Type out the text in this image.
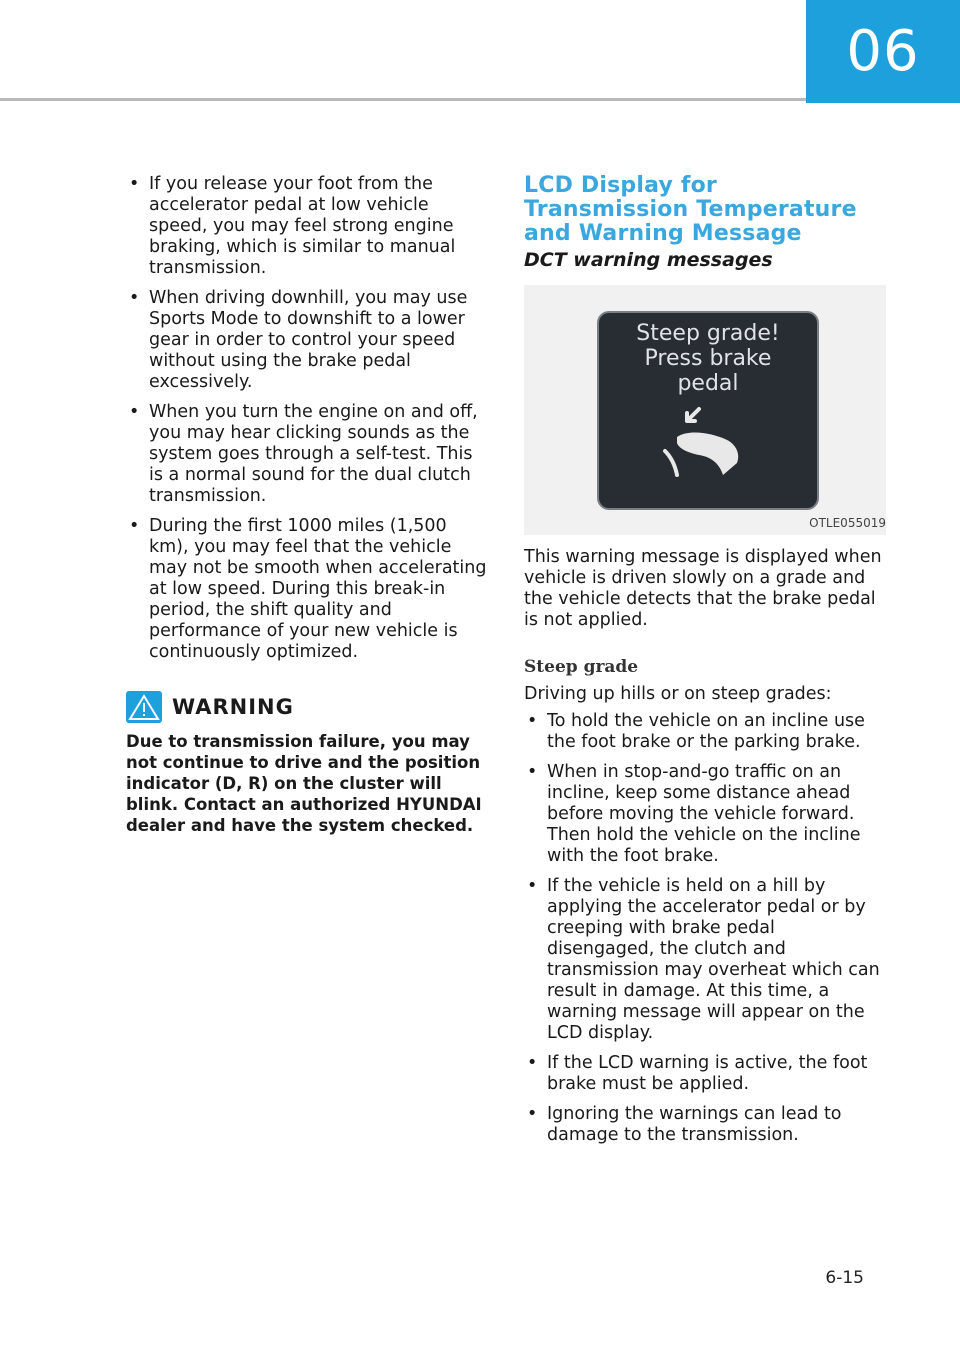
06
• If you release your foot from the accelerator pedal at low vehicle speed, you may feel strong engine braking, which is similar to manual transmission.
• When driving downhill, you may use Sports Mode to downshift to a lower gear in order to control your speed without using the brake pedal excessively.
• When you turn the engine on and off, you may hear clicking sounds as the system goes through a self-test. This is a normal sound for the dual clutch transmission.
• During the first 1000 miles (1,500 km), you may feel that the vehicle may not be smooth when accelerating at low speed. During this break-in period, the shift quality and performance of your new vehicle is continuously optimized.
WARNING
Due to transmission failure, you may not continue to drive and the position indicator (D, R) on the cluster will blink. Contact an authorized HYUNDAI dealer and have the system checked.
LCD Display for Transmission Temperature and Warning Message
DCT warning messages
Steep grade!
Press brake
pedal
OTLE055019
This warning message is displayed when vehicle is driven slowly on a grade and the vehicle detects that the brake pedal is not applied.
Steep grade
Driving up hills or on steep grades:
• To hold the vehicle on an incline use the foot brake or the parking brake.
• When in stop-and-go traffic on an incline, keep some distance ahead before moving the vehicle forward. Then hold the vehicle on the incline with the foot brake.
• If the vehicle is held on a hill by applying the accelerator pedal or by creeping with brake pedal disengaged, the clutch and transmission may overheat which can result in damage. At this time, a warning message will appear on the LCD display.
• If the LCD warning is active, the foot brake must be applied.
• Ignoring the warnings can lead to damage to the transmission.
6-15
